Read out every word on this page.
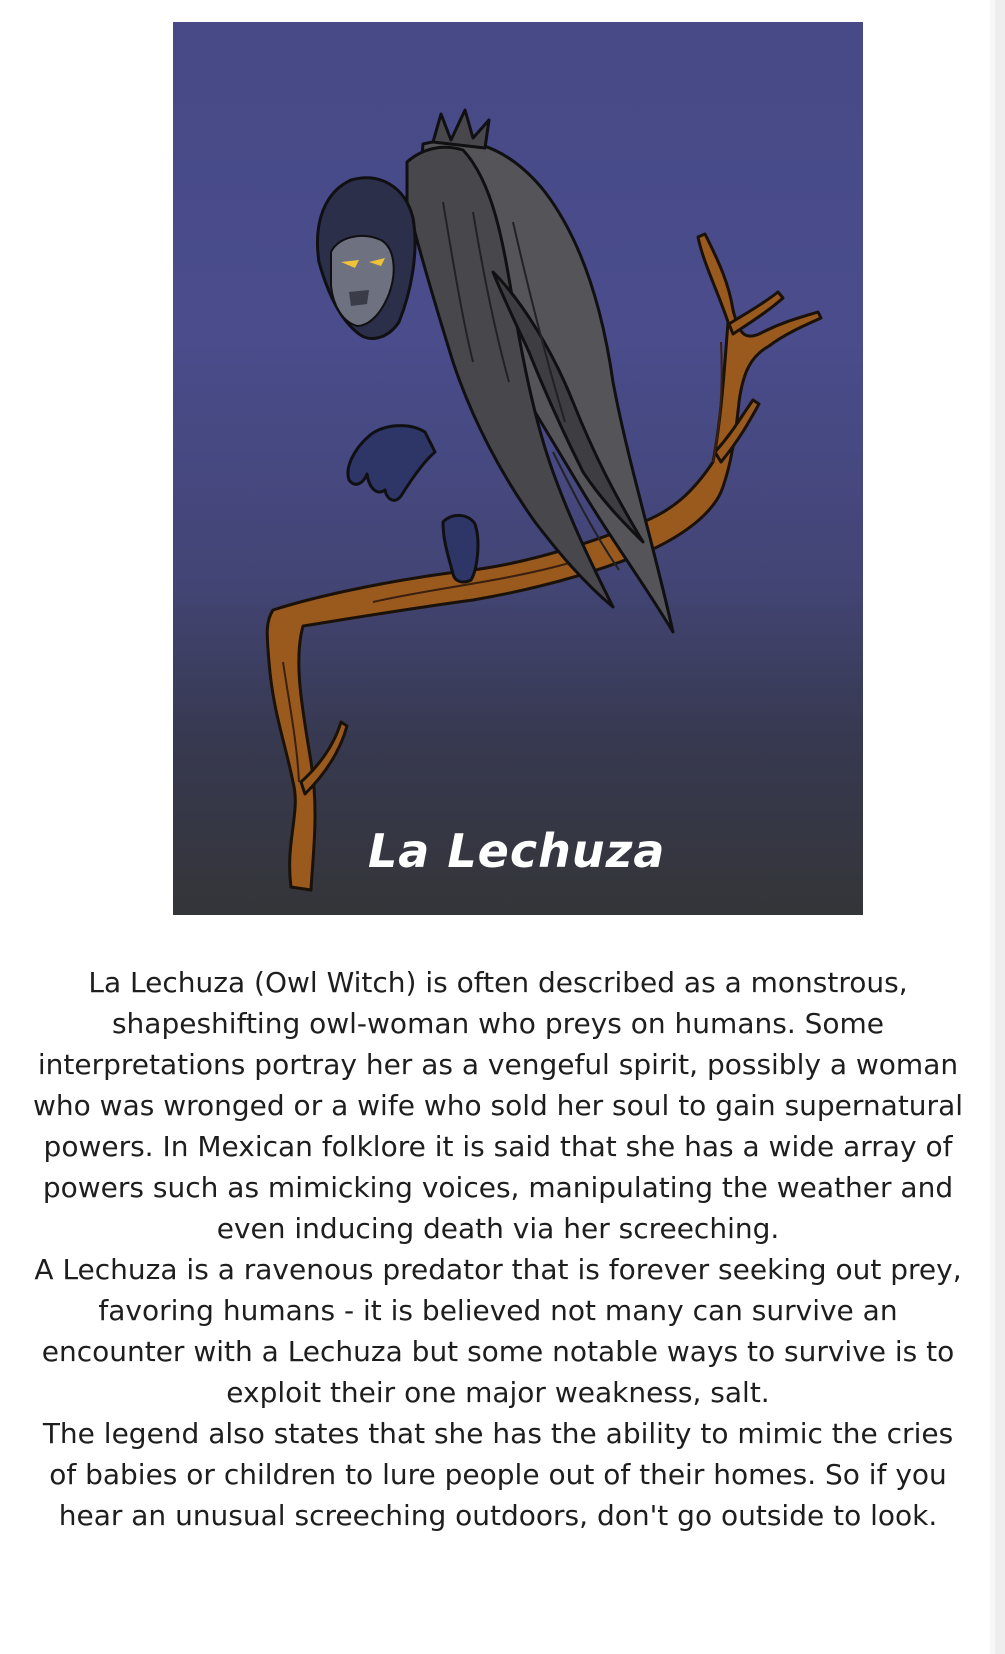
La Lechuza

La Lechuza (Owl Witch) is often described as a monstrous, shapeshifting owl-woman who preys on humans. Some interpretations portray her as a vengeful spirit, possibly a woman who was wronged or a wife who sold her soul to gain supernatural powers. In Mexican folklore it is said that she has a wide array of powers such as mimicking voices, manipulating the weather and even inducing death via her screeching.

A Lechuza is a ravenous predator that is forever seeking out prey, favoring humans - it is believed not many can survive an encounter with a Lechuza but some notable ways to survive is to exploit their one major weakness, salt.

The legend also states that she has the ability to mimic the cries of babies or children to lure people out of their homes. So if you hear an unusual screeching outdoors, don't go outside to look.
